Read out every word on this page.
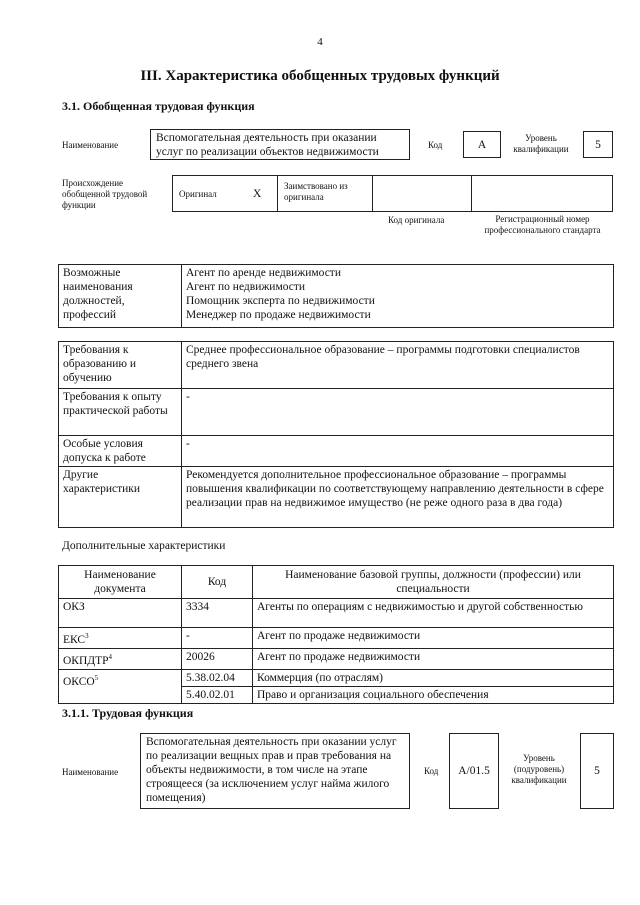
4
III. Характеристика обобщенных трудовых функций
3.1. Обобщенная трудовая функция
Наименование
Вспомогательная деятельность при оказании услуг по реализации объектов недвижимости
Код	А
Уровень квалификации	5
Происхождение обобщенной трудовой функции
Оригинал	X
Заимствовано из оригинала
Код оригинала	Регистрационный номер профессионального стандарта
Возможные наименования должностей, профессий	
Агент по аренде недвижимости
Агент по недвижимости
Помощник эксперта по недвижимости
Менеджер по продаже недвижимости
Требования к образованию и обучению	Среднее профессиональное образование – программы подготовки специалистов среднего звена
Требования к опыту практической работы	-
Особые условия допуска к работе	-
Другие характеристики	Рекомендуется дополнительное профессиональное образование – программы повышения квалификации по соответствующему направлению деятельности в сфере реализации прав на недвижимое имущество (не реже одного раза в два года)
Дополнительные характеристики
Наименование документа	Код	Наименование базовой группы, должности (профессии) или специальности
ОКЗ	3334	Агенты по операциям с недвижимостью и другой собственностью
ЕКС$^3$	-	Агент по продаже недвижимости
ОКПДТР$^4$	20026	Агент по продаже недвижимости
ОКСО$^5$	5.38.02.04	Коммерция (по отраслям)
	5.40.02.01	Право и организация социального обеспечения
3.1.1. Трудовая функция
Наименование
Вспомогательная деятельность при оказании услуг по реализации вещных прав и прав требования на объекты недвижимости, в том числе на этапе строящееся (за исключением услуг найма жилого помещения)
Код	A/01.5
Уровень (подуровень) квалификации
5
